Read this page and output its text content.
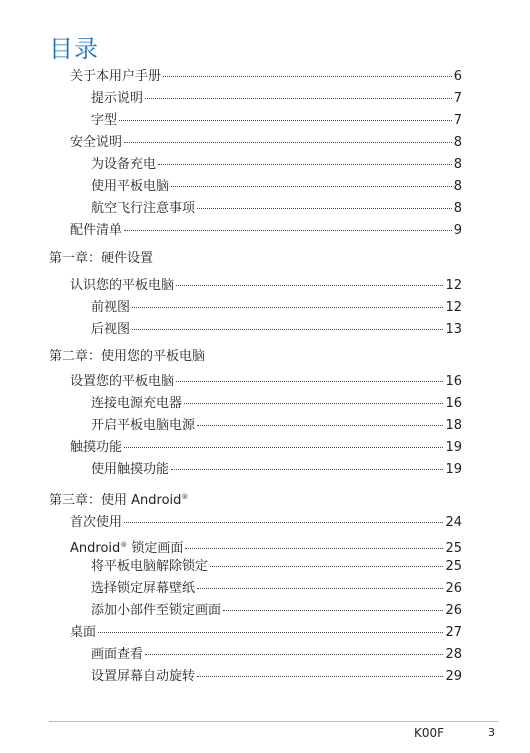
目录
关于本用户手册	6
提示说明	7
字型	7
安全说明	8
为设备充电	8
使用平板电脑	8
航空飞行注意事项	8
配件清单	9
第一章：硬件设置
认识您的平板电脑	12
前视图	12
后视图	13
第二章：使用您的平板电脑
设置您的平板电脑	16
连接电源充电器	16
开启平板电脑电源	18
触摸功能	19
使用触摸功能	19
第三章：使用 Android®
首次使用	24
Android® 锁定画面	25
将平板电脑解除锁定	25
选择锁定屏幕壁纸	26
添加小部件至锁定画面	26
桌面	27
画面查看	28
设置屏幕自动旋转	29
K00F	3
